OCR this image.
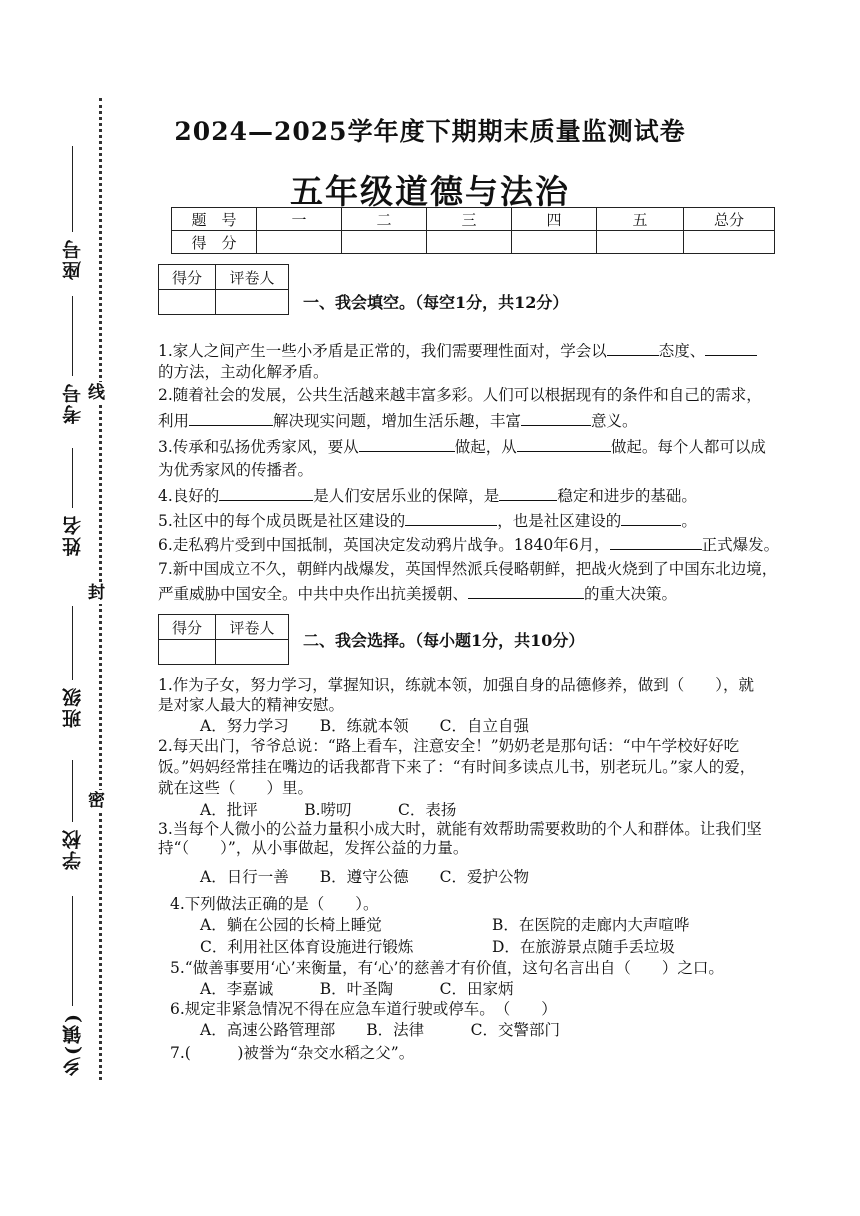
线
封
密
座号
考号
姓名
班级
学校
乡(镇)
2024—2025学年度下期期末质量监测试卷
五年级道德与法治
题　号	一	二	三	四	五	总分
得　分						
得分	评卷人

一、我会填空。（每空1分，共12分）
1.家人之间产生一些小矛盾是正常的，我们需要理性面对，学会以	态度、
的方法，主动化解矛盾。
2.随着社会的发展，公共生活越来越丰富多彩。人们可以根据现有的条件和自己的需求，
利用	解决现实问题，增加生活乐趣，丰富	意义。
3.传承和弘扬优秀家风，要从	做起，从	做起。每个人都可以成
为优秀家风的传播者。
4.良好的	是人们安居乐业的保障，是	稳定和进步的基础。
5.社区中的每个成员既是社区建设的	，也是社区建设的	。
6.走私鸦片受到中国抵制，英国决定发动鸦片战争。1840年6月，	正式爆发。
7.新中国成立不久，朝鲜内战爆发，英国悍然派兵侵略朝鲜，把战火烧到了中国东北边境，
严重威胁中国安全。中共中央作出抗美援朝、	的重大决策。
得分	评卷人

二、我会选择。（每小题1分，共10分）
1.作为子女，努力学习，掌握知识，练就本领，加强自身的品德修养，做到（　　），就
是对家人最大的精神安慰。
A．努力学习　　B．练就本领　　C．自立自强
2.每天出门，爷爷总说：“路上看车，注意安全！”奶奶老是那句话：“中午学校好好吃
饭。”妈妈经常挂在嘴边的话我都背下来了：“有时间多读点儿书，别老玩儿。”家人的爱，
就在这些（　　）里。
A．批评　　　B.唠叨　　　C．表扬
3.当每个人微小的公益力量积小成大时，就能有效帮助需要救助的个人和群体。让我们坚
持“（　　）”，从小事做起，发挥公益的力量。
A．日行一善　　B．遵守公德　　C．爱护公物
4.下列做法正确的是（　　）。
A．躺在公园的长椅上睡觉	B．在医院的走廊内大声喧哗
C．利用社区体育设施进行锻炼	D．在旅游景点随手丢垃圾
5.“做善事要用‘心’来衡量，有‘心’的慈善才有价值，这句名言出自（　　）之口。
A．李嘉诚　　　B．叶圣陶　　　C．田家炳
6.规定非紧急情况不得在应急车道行驶或停车。　（　　）
A．高速公路管理部　　B．法律　　　C．交警部门
7.(　　　)被誉为“杂交水稻之父”。
